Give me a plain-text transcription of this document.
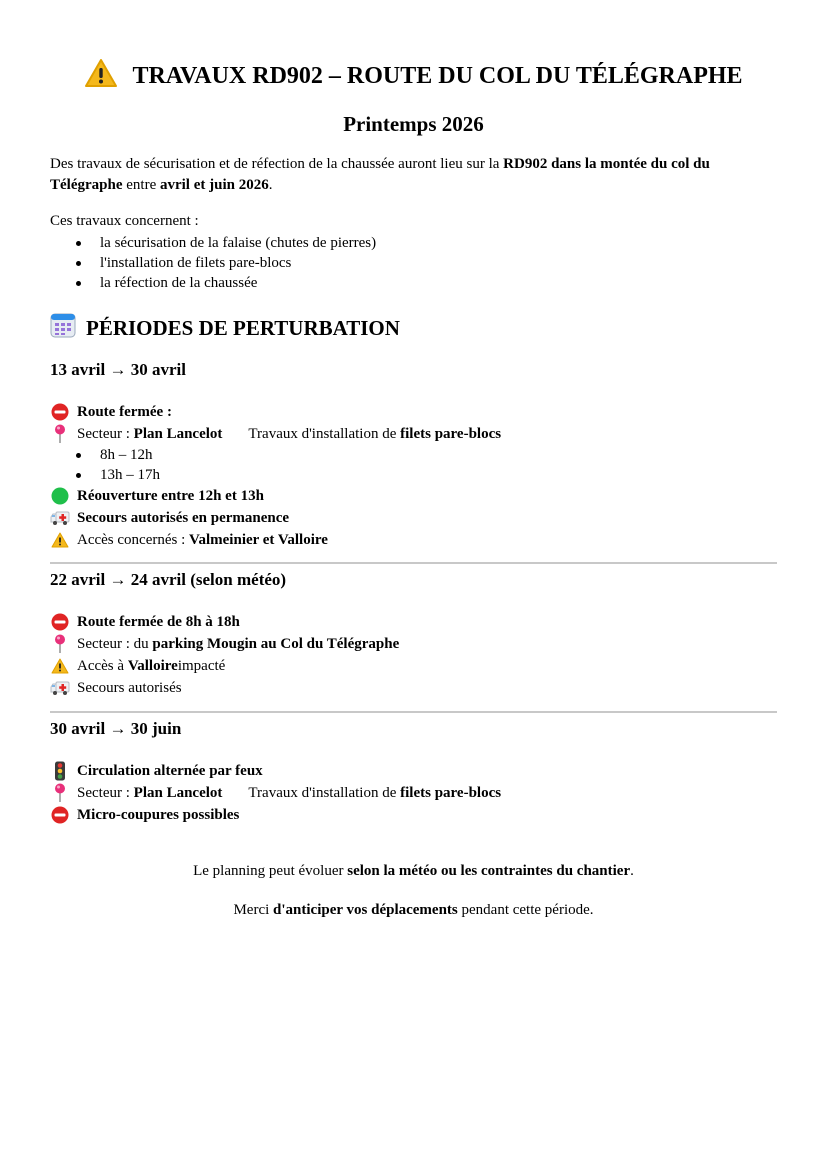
TRAVAUX RD902 – ROUTE DU COL DU TÉLÉGRAPHE
Printemps 2026
Des travaux de sécurisation et de réfection de la chaussée auront lieu sur la RD902 dans la montée du col du Télégraphe entre avril et juin 2026.
Ces travaux concernent :
la sécurisation de la falaise (chutes de pierres)
l'installation de filets pare-blocs
la réfection de la chaussée
PÉRIODES DE PERTURBATION
13 avril → 30 avril
Route fermée :
Secteur :
Plan Lancelot Travaux d'installation de
filets pare-blocs
8h – 12h
13h – 17h
Réouverture entre 12h et 13h
Secours autorisés en permanence
Accès concernés :
Valmeinier et Valloire
22 avril → 24 avril (selon météo)
Route fermée de 8h à 18h
Secteur : du
parking Mougin au Col du Télégraphe
Accès à
Valloire impacté
Secours autorisés
30 avril → 30 juin
Circulation alternée par feux
Secteur :
Plan Lancelot Travaux d'installation de
filets pare-blocs
Micro-coupures possibles
Le planning peut évoluer selon la météo ou les contraintes du chantier.
Merci d'anticiper vos déplacements pendant cette période.
